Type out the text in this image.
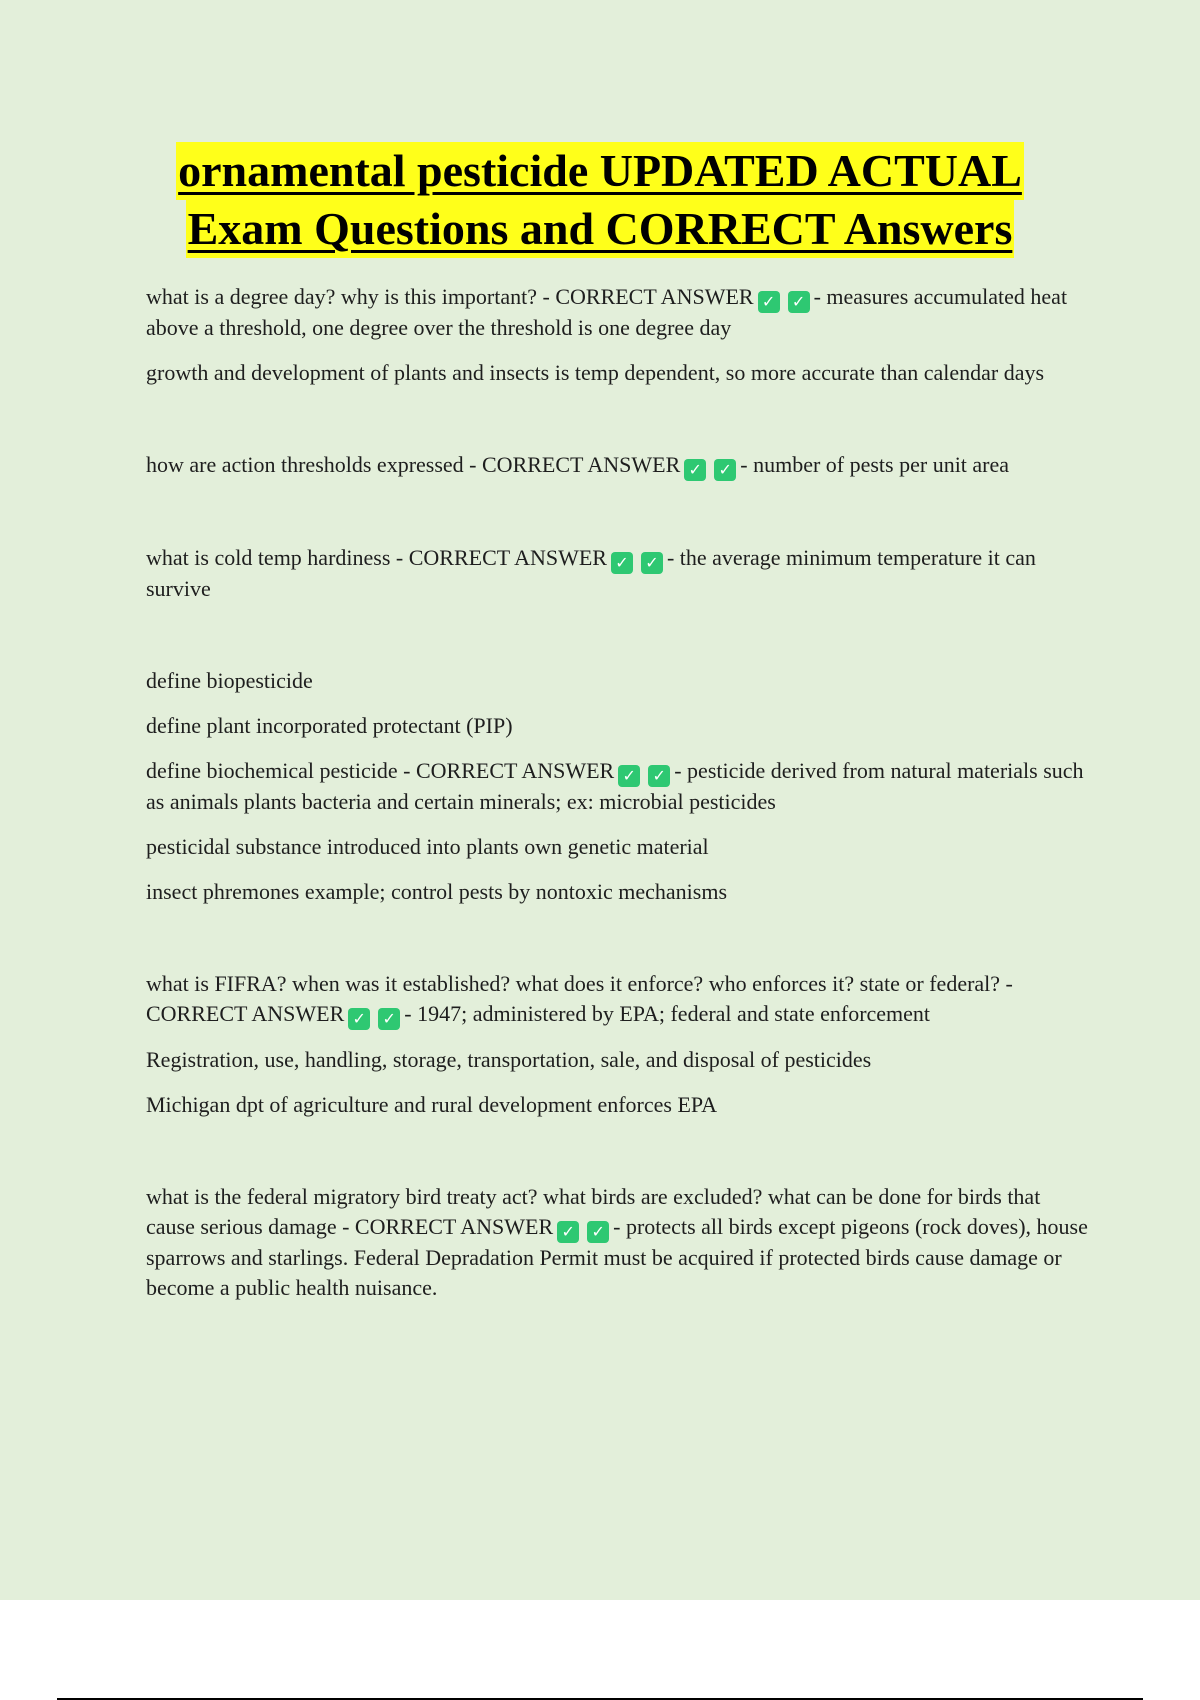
ornamental pesticide UPDATED ACTUAL
Exam Questions and CORRECT Answers

what is a degree day? why is this important? - CORRECT ANSWER ✓ ✓ - measures accumulated heat above a threshold, one degree over the threshold is one degree day

growth and development of plants and insects is temp dependent, so more accurate than calendar days

how are action thresholds expressed - CORRECT ANSWER ✓ ✓ - number of pests per unit area

what is cold temp hardiness - CORRECT ANSWER ✓ ✓ - the average minimum temperature it can survive

define biopesticide

define plant incorporated protectant (PIP)

define biochemical pesticide - CORRECT ANSWER ✓ ✓ - pesticide derived from natural materials such as animals plants bacteria and certain minerals; ex: microbial pesticides

pesticidal substance introduced into plants own genetic material

insect phremones example; control pests by nontoxic mechanisms

what is FIFRA? when was it established? what does it enforce? who enforces it? state or federal? - CORRECT ANSWER ✓ ✓ - 1947; administered by EPA; federal and state enforcement

Registration, use, handling, storage, transportation, sale, and disposal of pesticides

Michigan dpt of agriculture and rural development enforces EPA

what is the federal migratory bird treaty act? what birds are excluded? what can be done for birds that cause serious damage - CORRECT ANSWER ✓ ✓ - protects all birds except pigeons (rock doves), house sparrows and starlings. Federal Depradation Permit must be acquired if protected birds cause damage or become a public health nuisance.
